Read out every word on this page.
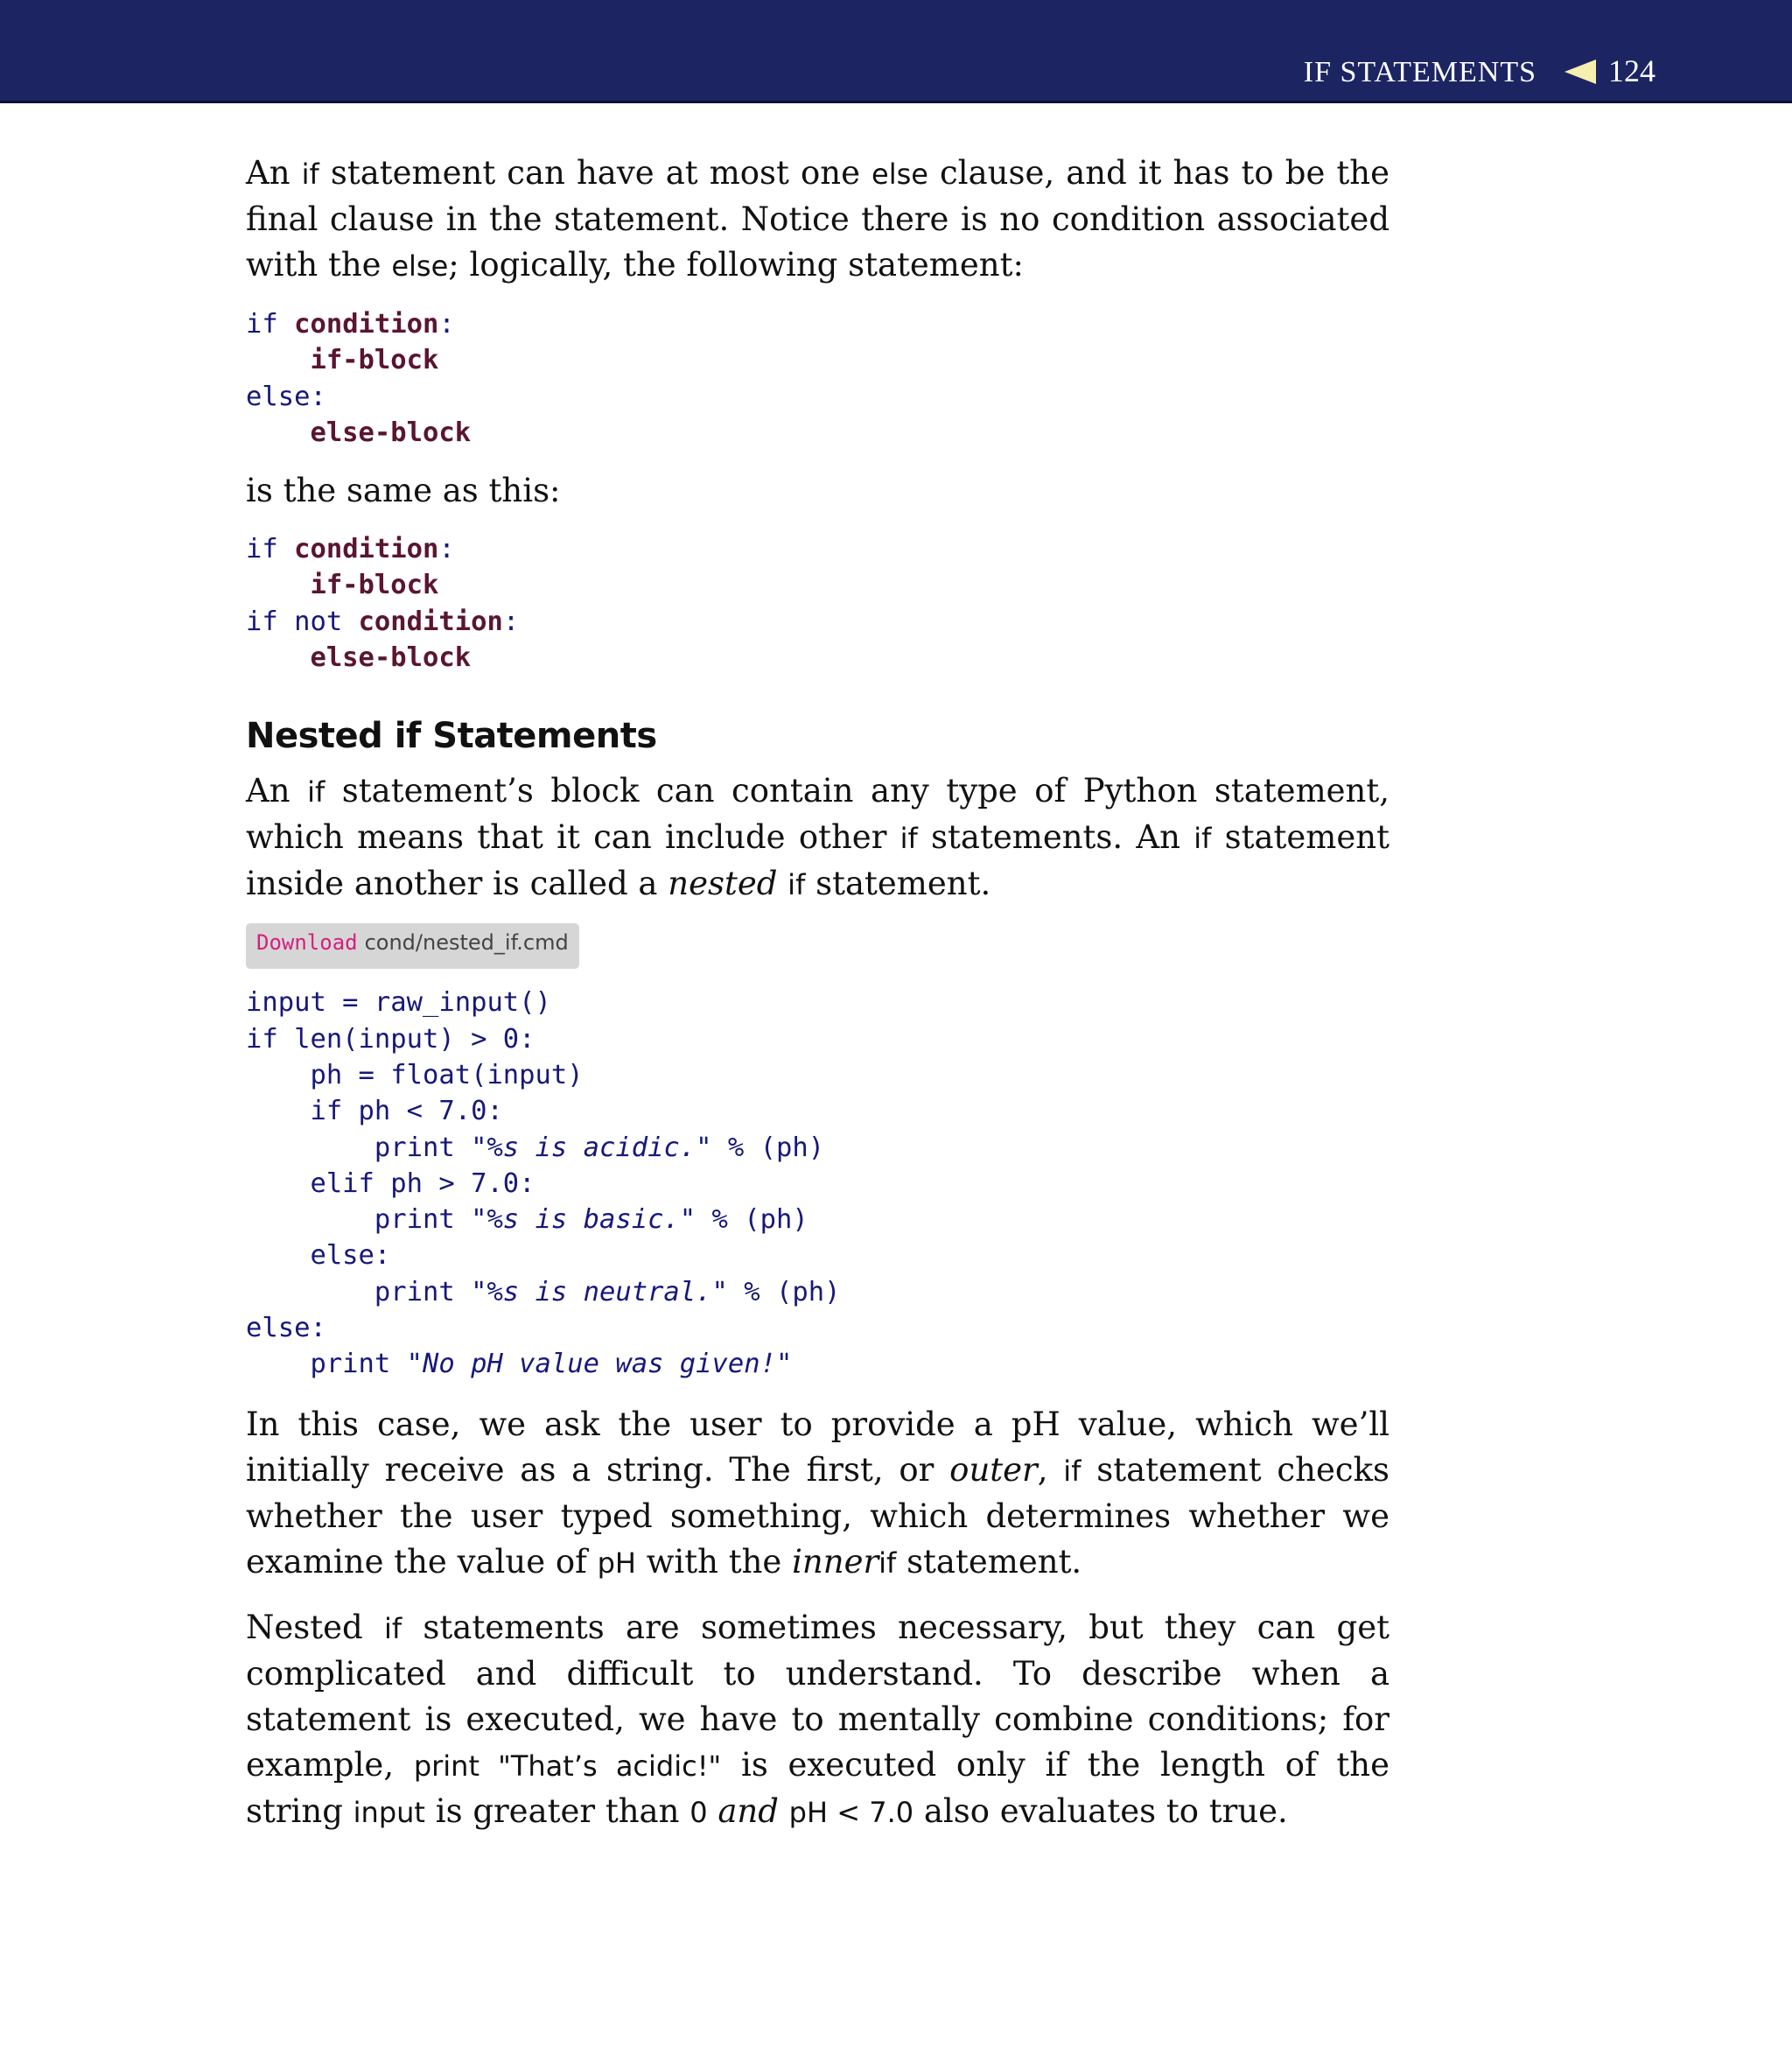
IF STATEMENTS 124

An if statement can have at most one else clause, and it has to be the final clause in the statement. Notice there is no condition associated with the else; logically, the following statement:

if condition:
if-block
else:
else-block

is the same as this:

if condition:
if-block
if not condition:
else-block
Nested if Statements

An if statement’s block can contain any type of Python statement, which means that it can include other if statements. An if statement inside another is called a nested if statement.

Download cond/nested_if.cmd
input = raw_input()
if len(input) > 0:
ph = float(input)
if ph < 7.0:
print "%s is acidic." % (ph)
elif ph > 7.0:
print "%s is basic." % (ph)
else:
print "%s is neutral." % (ph)
else:
print "No pH value was given!"

In this case, we ask the user to provide a pH value, which we’ll initially receive as a string. The first, or outer, if statement checks whether the user typed something, which determines whether we examine the value of pH with the innerif statement.

Nested if statements are sometimes necessary, but they can get complicated and difficult to understand. To describe when a statement is executed, we have to mentally combine conditions; for example, print "That’s acidic!" is executed only if the length of the string input is greater than 0 and pH < 7.0 also evaluates to true.
